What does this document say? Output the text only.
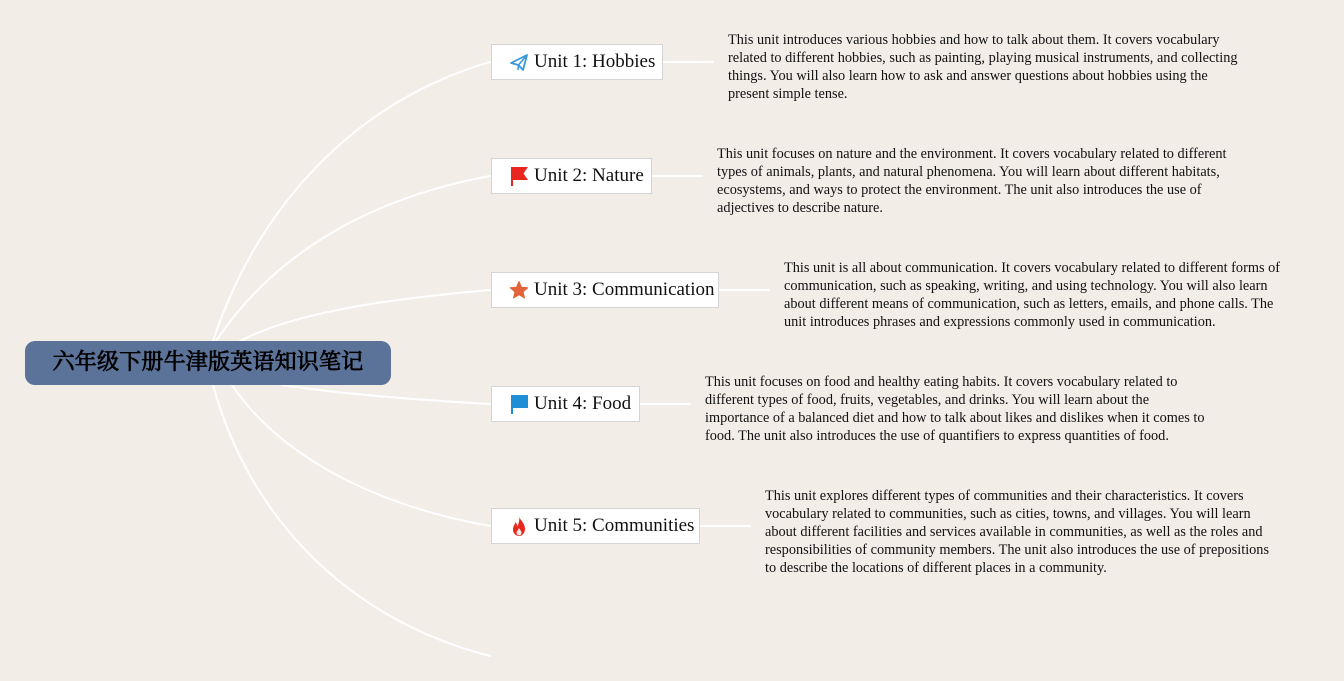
六年级下册牛津版英语知识笔记
Unit 1: Hobbies
This unit introduces various hobbies and how to talk about them. It covers vocabulary related to different hobbies, such as painting, playing musical instruments, and collecting things. You will also learn how to ask and answer questions about hobbies using the present simple tense.
Unit 2: Nature
This unit focuses on nature and the environment. It covers vocabulary related to different types of animals, plants, and natural phenomena. You will learn about different habitats, ecosystems, and ways to protect the environment. The unit also introduces the use of adjectives to describe nature.
Unit 3: Communication
This unit is all about communication. It covers vocabulary related to different forms of communication, such as speaking, writing, and using technology. You will also learn about different means of communication, such as letters, emails, and phone calls. The unit introduces phrases and expressions commonly used in communication.
Unit 4: Food
This unit focuses on food and healthy eating habits. It covers vocabulary related to different types of food, fruits, vegetables, and drinks. You will learn about the importance of a balanced diet and how to talk about likes and dislikes when it comes to food. The unit also introduces the use of quantifiers to express quantities of food.
Unit 5: Communities
This unit explores different types of communities and their characteristics. It covers vocabulary related to communities, such as cities, towns, and villages. You will learn about different facilities and services available in communities, as well as the roles and responsibilities of community members. The unit also introduces the use of prepositions to describe the locations of different places in a community.
